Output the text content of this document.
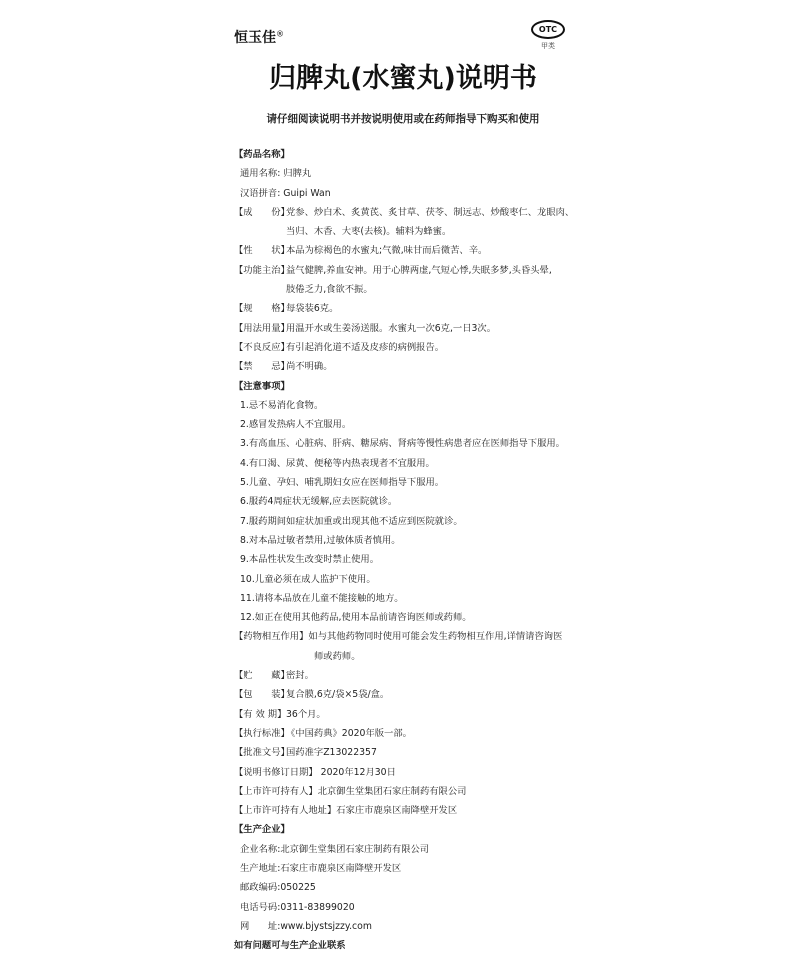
恒玉佳®	OTC
甲类
归脾丸(水蜜丸)说明书
请仔细阅读说明书并按说明使用或在药师指导下购买和使用
【药品名称】
通用名称:
归脾丸
汉语拼音:
Guipi Wan
【成　　份】
党参、炒白术、炙黄芪、炙甘草、茯苓、制远志、炒酸枣仁、龙眼肉、
当归、木香、大枣(去核)。辅料为蜂蜜。
【性　　状】
本品为棕褐色的水蜜丸;气微,味甘而后微苦、辛。
【功能主治】
益气健脾,养血安神。用于心脾两虚,气短心悸,失眠多梦,头昏头晕,
肢倦乏力,食欲不振。
【规　　格】
每袋装6克。
【用法用量】
用温开水或生姜汤送服。水蜜丸一次6克,一日3次。
【不良反应】
有引起消化道不适及皮疹的病例报告。
【禁　　忌】
尚不明确。
【注意事项】
1.忌不易消化食物。
2.感冒发热病人不宜服用。
3.有高血压、心脏病、肝病、糖尿病、肾病等慢性病患者应在医师指导下服用。
4.有口渴、尿黄、便秘等内热表现者不宜服用。
5.儿童、孕妇、哺乳期妇女应在医师指导下服用。
6.服药4周症状无缓解,应去医院就诊。
7.服药期间如症状加重或出现其他不适应到医院就诊。
8.对本品过敏者禁用,过敏体质者慎用。
9.本品性状发生改变时禁止使用。
10.儿童必须在成人监护下使用。
11.请将本品放在儿童不能接触的地方。
12.如正在使用其他药品,使用本品前请咨询医师或药师。
【药物相互作用】如与其他药物同时使用可能会发生药物相互作用,详情请咨询医
师或药师。
【贮　　藏】
密封。
【包　　装】
复合膜,6克/袋×5袋/盒。
【有 效 期】 36个月。
【执行标准】
《中国药典》2020年版一部。
【批准文号】
国药准字Z13022357
【说明书修订日期】
2020年12月30日
【上市许可持有人】 北京御生堂集团石家庄制药有限公司
【上市许可持有人地址】 石家庄市鹿泉区南降壁开发区
【生产企业】
企业名称: 北京御生堂集团石家庄制药有限公司
生产地址: 石家庄市鹿泉区南降壁开发区
邮政编码: 050225
电话号码: 0311-83899020
网　　址: www.bjystsjzzy.com
如有问题可与生产企业联系
